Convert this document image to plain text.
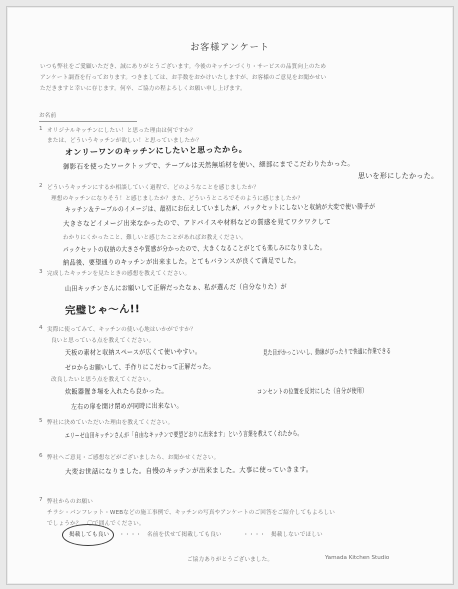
お客様アンケート
いつも弊社をご愛顧いただき、誠にありがとうございます。今後のキッチンづくり・サービスの品質向上のため
アンケート調査を行っております。つきましては、お手数をおかけいたしますが、お客様のご意見をお聞かせい
ただきますと幸いに存じます。何卒、ご協力の程よろしくお願い申し上げます。
お名前
1 オリジナルキッチンにしたい！と思った理由は何ですか？
または、どういうキッチンが欲しい！と思っていましたか？
オンリーワンのキッチンにしたいと思ったから。
御影石を使ったワークトップで、テーブルは天然無垢材を使い、細部にまでこだわりたかった。
思いを形にしたかった。
2 どういうキッチンにするか相談していく過程で、どのようなことを感じましたか？
理想のキッチンになりそう！と感じましたか？また、どういうところでそのように感じましたか？
キッチン＆テーブルのイメージは、最初にお伝えしていましたが、バックセットにしないと収納が大変で使い勝手が
大きさなどイメージ出来なかったので、アドバイスや材料などの質感を見てワクワクして
わかりにくかったこと、難しいと感じたことがあればお教えください。
バックセットの収納の大きさや質感が分かったので、大きくなることがとても楽しみになりました。
納品後、要望通りのキッチンが出来ました。とてもバランスが良くて満足でした。
3 完成したキッチンを見たときの感想を教えてください。
山田キッチンさんにお願いして正解だったなぁ、私が選んだ（自分なりた）が
完璧じゃ〜ん!!
4 実際に使ってみて、キッチンの使い心地はいかがですか？
良いと思っている点を教えてください。
天板の素材と収納スペースが広くて使いやすい。	見た目がかっこいいし、動線がぴったりで快適に作業できる
ゼロからお願いして、手作りにこだわって正解だった。
改良したいと思う点を教えてください。
炊飯器置き場を入れたら良かった。	コンセントの位置を反対にした（自分が使用）
左右の扉を開け閉めが同時に出来ない。
5 弊社に決めていただいた理由を教えてください。
エリーゼ山田キッチンさんが「自由なキッチンで要望どおりに出来ます」という言葉を教えてくれたから。
6 弊社へご意見・ご感想などがございましたら、お聞かせください。
大変お世話になりました。自慢のキッチンが出来ました。大事に使っていきます。
7 弊社からのお願い
チラシ・パンフレット・WEBなどの施工事例で、キッチンの写真やアンケートのご回答をご紹介してもよろしい
でしょうか？　〇で囲んでください。
掲載しても良い ・・・・ 名前を伏せて掲載しても良い	・・・・ 掲載しないでほしい
ご協力ありがとうございました。	Yamada Kitchen Studio
